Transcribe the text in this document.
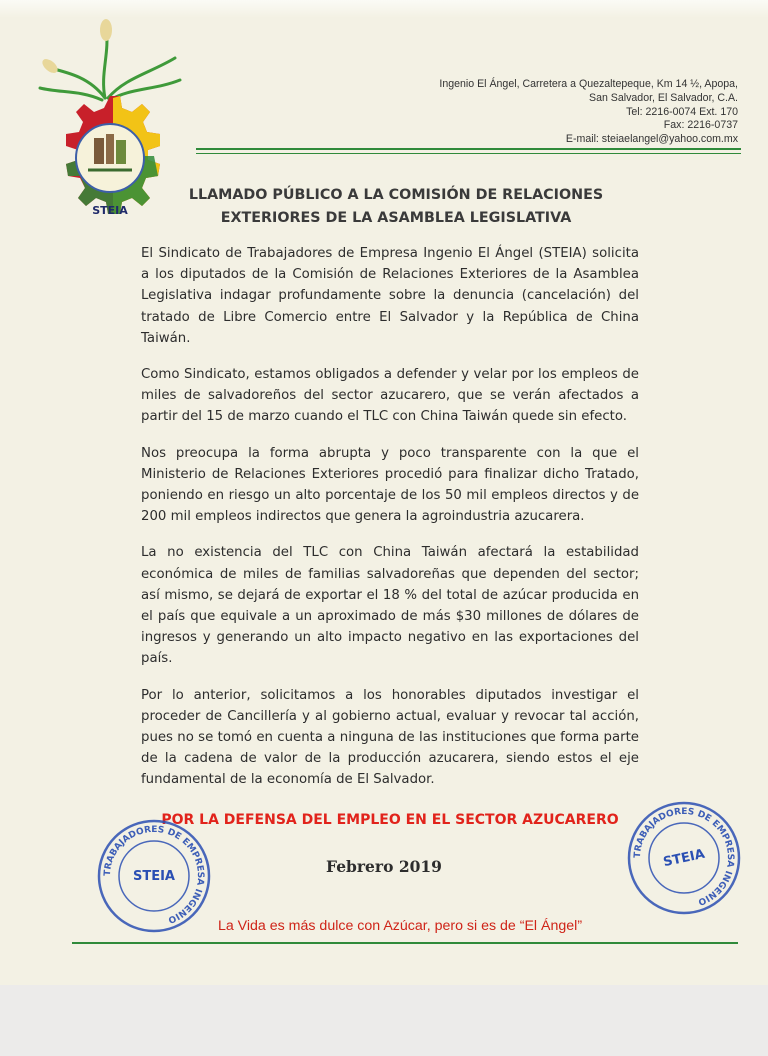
STEIA
Ingenio El Ángel, Carretera a Quezaltepeque, Km 14 ½, Apopa,
San Salvador, El Salvador, C.A.
Tel: 2216-0074 Ext. 170
Fax: 2216-0737
E-mail: steiaelangel@yahoo.com.mx
LLAMADO PÚBLICO A LA COMISIÓN DE RELACIONES
EXTERIORES DE LA ASAMBLEA LEGISLATIVA

El Sindicato de Trabajadores de Empresa Ingenio El Ángel (STEIA) solicita a los diputados de la Comisión de Relaciones Exteriores de la Asamblea Legislativa indagar profundamente sobre la denuncia (cancelación) del tratado de Libre Comercio entre El Salvador y la República de China Taiwán.

Como Sindicato, estamos obligados a defender y velar por los empleos de miles de salvadoreños del sector azucarero, que se verán afectados a partir del 15 de marzo cuando el TLC con China Taiwán quede sin efecto.

Nos preocupa la forma abrupta y poco transparente con la que el Ministerio de Relaciones Exteriores procedió para finalizar dicho Tratado, poniendo en riesgo un alto porcentaje de los 50 mil empleos directos y de 200 mil empleos indirectos que genera la agroindustria azucarera.

La no existencia del TLC con China Taiwán afectará la estabilidad económica de miles de familias salvadoreñas que dependen del sector; así mismo, se dejará de exportar el 18 % del total de azúcar producida en el país que equivale a un aproximado de más $30 millones de dólares de ingresos y generando un alto impacto negativo en las exportaciones del país.

Por lo anterior, solicitamos a los honorables diputados investigar el proceder de Cancillería y al gobierno actual, evaluar y revocar tal acción, pues no se tomó en cuenta a ninguna de las instituciones que forma parte de la cadena de valor de la producción azucarera, siendo estos el eje fundamental de la economía de El Salvador.

POR LA DEFENSA DEL EMPLEO EN EL SECTOR AZUCARERO
Febrero 2019
TRABAJADORES DE EMPRESA INGENIO
STEIA
TRABAJADORES DE EMPRESA INGENIO
STEIA
La Vida es más dulce con Azúcar, pero si es de “El Ángel”
